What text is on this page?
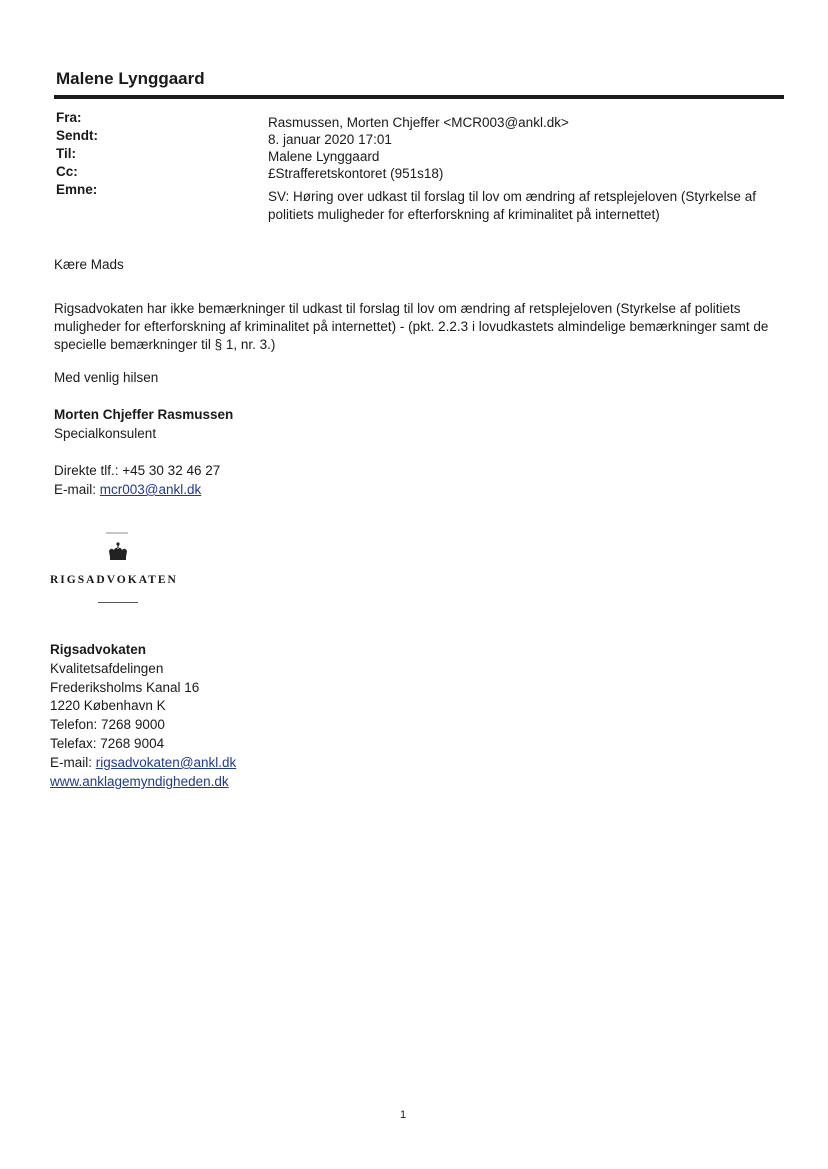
Malene Lynggaard
Fra:	Rasmussen, Morten Chjeffer <MCR003@ankl.dk>
Sendt:	8. januar 2020 17:01
Til:	Malene Lynggaard
Cc:	£Strafferetskontoret (951s18)
Emne:	SV: Høring over udkast til forslag til lov om ændring af retsplejeloven (Styrkelse af politiets muligheder for efterforskning af kriminalitet på internettet)
Kære Mads
Rigsadvokaten har ikke bemærkninger til udkast til forslag til lov om ændring af retsplejeloven (Styrkelse af politiets muligheder for efterforskning af kriminalitet på internettet) - (pkt. 2.2.3 i lovudkastets almindelige bemærkninger samt de specielle bemærkninger til § 1, nr. 3.)
Med venlig hilsen
Morten Chjeffer Rasmussen
Specialkonsulent
Direkte tlf.: +45 30 32 46 27
E-mail: mcr003@ankl.dk
RIGSADVOKATEN
Rigsadvokaten
Kvalitetsafdelingen
Frederiksholms Kanal 16
1220 København K
Telefon: 7268 9000
Telefax: 7268 9004
E-mail: rigsadvokaten@ankl.dk
www.anklagemyndigheden.dk
1
